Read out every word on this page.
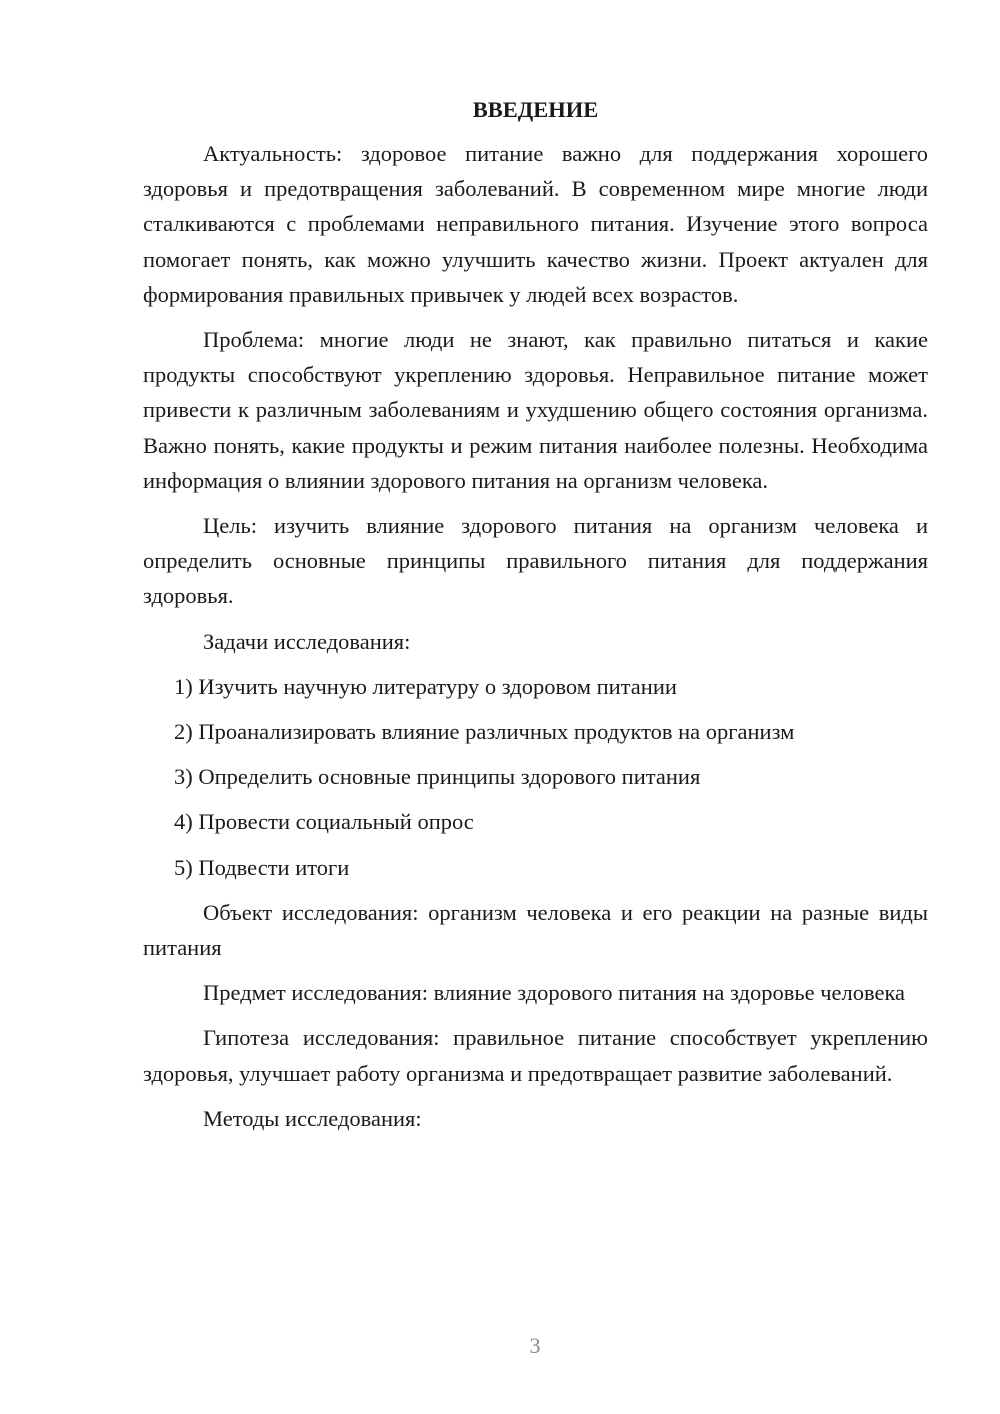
ВВЕДЕНИЕ

Актуальность: здоровое питание важно для поддержания хорошего здоровья и предотвращения заболеваний. В современном мире многие люди сталкиваются с проблемами неправильного питания. Изучение этого вопроса помогает понять, как можно улучшить качество жизни. Проект актуален для формирования правильных привычек у людей всех возрастов.

Проблема: многие люди не знают, как правильно питаться и какие продукты способствуют укреплению здоровья. Неправильное питание может привести к различным заболеваниям и ухудшению общего состояния организма. Важно понять, какие продукты и режим питания наиболее полезны. Необходима информация о влиянии здорового питания на организм человека.

Цель: изучить влияние здорового питания на организм человека и определить основные принципы правильного питания для поддержания здоровья.

Задачи исследования:

1) Изучить научную литературу о здоровом питании

2) Проанализировать влияние различных продуктов на организм

3) Определить основные принципы здорового питания

4) Провести социальный опрос

5) Подвести итоги

Объект исследования: организм человека и его реакции на разные виды питания

Предмет исследования: влияние здорового питания на здоровье человека

Гипотеза исследования: правильное питание способствует укреплению здоровья, улучшает работу организма и предотвращает развитие заболеваний.

Методы исследования:

3
